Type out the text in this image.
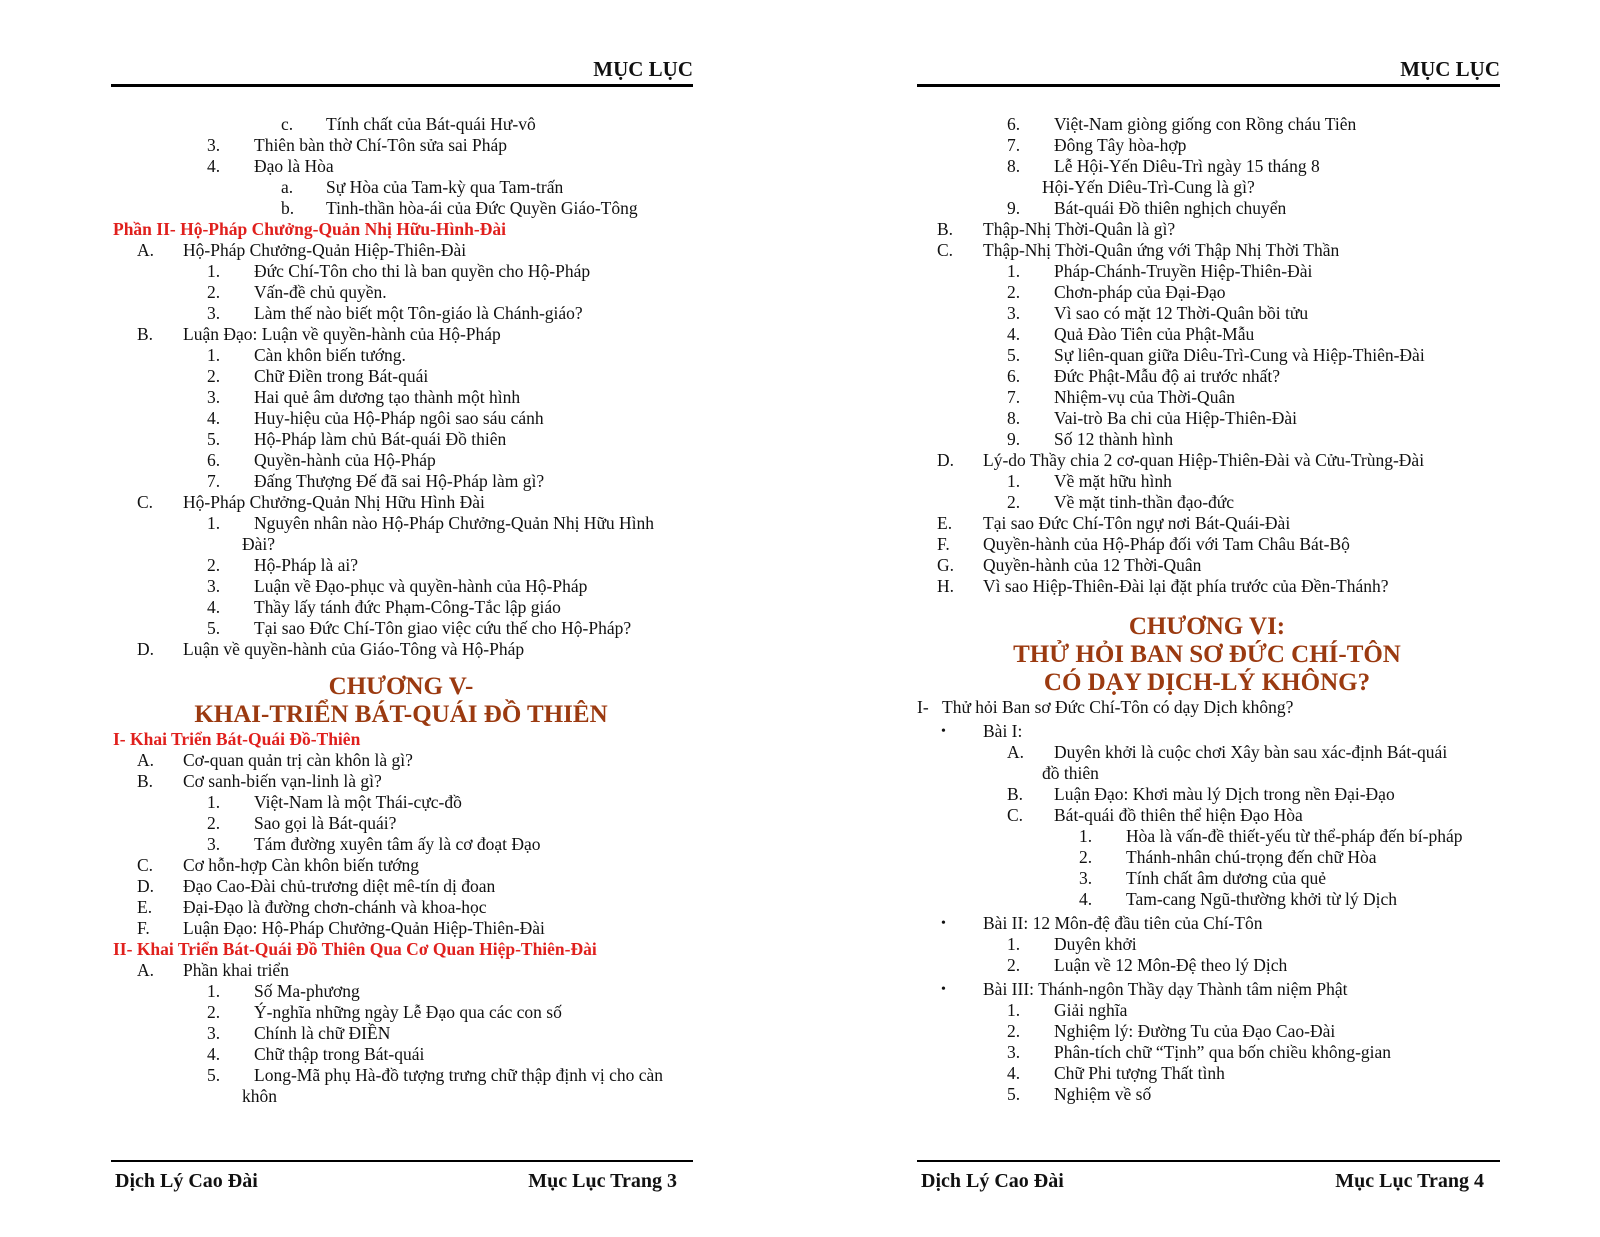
MỤC LỤC
c. Tính chất của Bát-quái Hư-vô
3. Thiên bàn thờ Chí-Tôn sửa sai Pháp
4. Đạo là Hòa
a. Sự Hòa của Tam-kỳ qua Tam-trấn
b. Tinh-thần hòa-ái của Đức Quyền Giáo-Tông
Phần II- Hộ-Pháp Chưởng-Quản Nhị Hữu-Hình-Đài
A. Hộ-Pháp Chưởng-Quản Hiệp-Thiên-Đài
1. Đức Chí-Tôn cho thi là ban quyền cho Hộ-Pháp
2. Vấn-đề chủ quyền.
3. Làm thế nào biết một Tôn-giáo là Chánh-giáo?
B. Luận Đạo: Luận về quyền-hành của Hộ-Pháp
1. Càn khôn biến tướng.
2. Chữ Điền trong Bát-quái
3. Hai quẻ âm dương tạo thành một hình
4. Huy-hiệu của Hộ-Pháp ngôi sao sáu cánh
5. Hộ-Pháp làm chủ Bát-quái Đồ thiên
6. Quyền-hành của Hộ-Pháp
7. Đấng Thượng Đế đã sai Hộ-Pháp làm gì?
C. Hộ-Pháp Chưởng-Quản Nhị Hữu Hình Đài
1. Nguyên nhân nào Hộ-Pháp Chưởng-Quản Nhị Hữu Hình
Đài?
2. Hộ-Pháp là ai?
3. Luận về Đạo-phục và quyền-hành của Hộ-Pháp
4. Thầy lấy tánh đức Phạm-Công-Tắc lập giáo
5. Tại sao Đức Chí-Tôn giao việc cứu thế cho Hộ-Pháp?
D. Luận về quyền-hành của Giáo-Tông và Hộ-Pháp
CHƯƠNG V-
KHAI-TRIỂN BÁT-QUÁI ĐỒ THIÊN
I- Khai Triển Bát-Quái Đồ-Thiên
A. Cơ-quan quản trị càn khôn là gì?
B. Cơ sanh-biến vạn-linh là gì?
1. Việt-Nam là một Thái-cực-đồ
2. Sao gọi là Bát-quái?
3. Tám đường xuyên tâm ấy là cơ đoạt Đạo
C. Cơ hỗn-hợp Càn khôn biến tướng
D. Đạo Cao-Đài chủ-trương diệt mê-tín dị đoan
E. Đại-Đạo là đường chơn-chánh và khoa-học
F. Luận Đạo: Hộ-Pháp Chưởng-Quản Hiệp-Thiên-Đài
II- Khai Triển Bát-Quái Đồ Thiên Qua Cơ Quan Hiệp-Thiên-Đài
A. Phần khai triển
1. Số Ma-phương
2. Ý-nghĩa những ngày Lễ Đạo qua các con số
3. Chính là chữ ĐIỀN
4. Chữ thập trong Bát-quái
5. Long-Mã phụ Hà-đồ tượng trưng chữ thập định vị cho càn
khôn
Dịch Lý Cao Đài	Mục Lục Trang 3
MỤC LỤC
6. Việt-Nam giòng giống con Rồng cháu Tiên
7. Đông Tây hòa-hợp
8. Lễ Hội-Yến Diêu-Trì ngày 15 tháng 8
Hội-Yến Diêu-Trì-Cung là gì?
9. Bát-quái Đồ thiên nghịch chuyển
B. Thập-Nhị Thời-Quân là gì?
C. Thập-Nhị Thời-Quân ứng với Thập Nhị Thời Thần
1. Pháp-Chánh-Truyền Hiệp-Thiên-Đài
2. Chơn-pháp của Đại-Đạo
3. Vì sao có mặt 12 Thời-Quân bồi tửu
4. Quả Đào Tiên của Phật-Mẫu
5. Sự liên-quan giữa Diêu-Trì-Cung và Hiệp-Thiên-Đài
6. Đức Phật-Mẫu độ ai trước nhất?
7. Nhiệm-vụ của Thời-Quân
8. Vai-trò Ba chi của Hiệp-Thiên-Đài
9. Số 12 thành hình
D. Lý-do Thầy chia 2 cơ-quan Hiệp-Thiên-Đài và Cửu-Trùng-Đài
1. Về mặt hữu hình
2. Về mặt tinh-thần đạo-đức
E. Tại sao Đức Chí-Tôn ngự nơi Bát-Quái-Đài
F. Quyền-hành của Hộ-Pháp đối với Tam Châu Bát-Bộ
G. Quyền-hành của 12 Thời-Quân
H. Vì sao Hiệp-Thiên-Đài lại đặt phía trước của Đền-Thánh?
CHƯƠNG VI:
THỬ HỎI BAN SƠ ĐỨC CHÍ-TÔN
CÓ DẠY DỊCH-LÝ KHÔNG?
I- Thử hỏi Ban sơ Đức Chí-Tôn có dạy Dịch không?
• Bài I:
A. Duyên khởi là cuộc chơi Xây bàn sau xác-định Bát-quái
đồ thiên
B. Luận Đạo: Khơi màu lý Dịch trong nền Đại-Đạo
C. Bát-quái đồ thiên thể hiện Đạo Hòa
1. Hòa là vấn-đề thiết-yếu từ thể-pháp đến bí-pháp
2. Thánh-nhân chú-trọng đến chữ Hòa
3. Tính chất âm dương của quẻ
4. Tam-cang Ngũ-thường khởi từ lý Dịch
• Bài II: 12 Môn-đệ đầu tiên của Chí-Tôn
1. Duyên khởi
2. Luận về 12 Môn-Đệ theo lý Dịch
• Bài III: Thánh-ngôn Thầy dạy Thành tâm niệm Phật
1. Giải nghĩa
2. Nghiệm lý: Đường Tu của Đạo Cao-Đài
3. Phân-tích chữ “Tịnh” qua bốn chiều không-gian
4. Chữ Phi tượng Thất tình
5. Nghiệm về số
Dịch Lý Cao Đài	Mục Lục Trang 4
